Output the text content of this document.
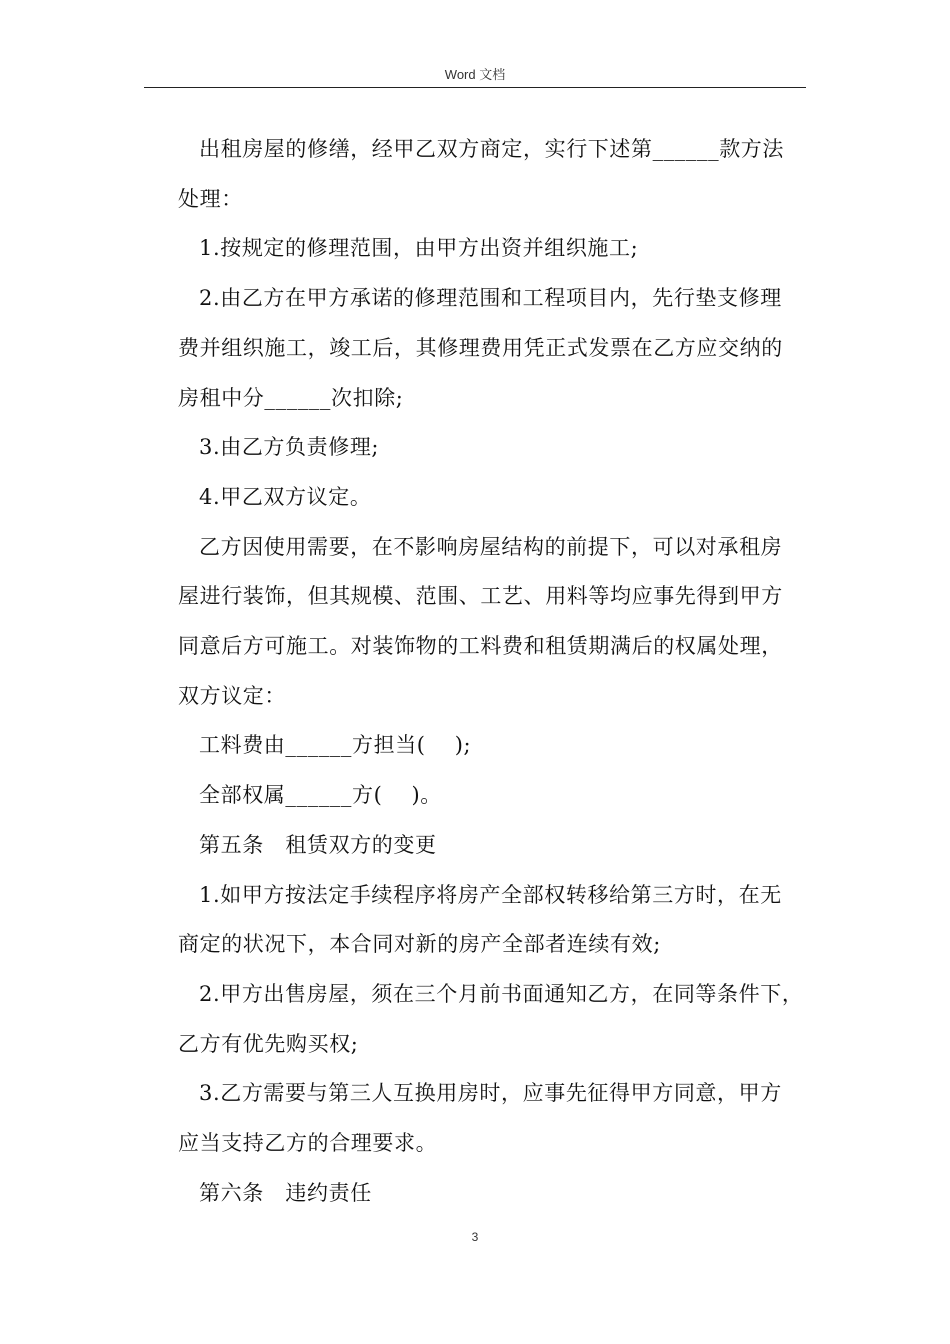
Word 文档

出租房屋的修缮，经甲乙双方商定，实行下述第______款方法

处理：

1.按规定的修理范围，由甲方出资并组织施工;

2.由乙方在甲方承诺的修理范围和工程项目内，先行垫支修理

费并组织施工，竣工后，其修理费用凭正式发票在乙方应交纳的

房租中分______次扣除;

3.由乙方负责修理;

4.甲乙双方议定。

乙方因使用需要，在不影响房屋结构的前提下，可以对承租房

屋进行装饰，但其规模、范围、工艺、用料等均应事先得到甲方

同意后方可施工。对装饰物的工料费和租赁期满后的权属处理，

双方议定：

工料费由______方担当(    );

全部权属______方(    )。

第五条　租赁双方的变更

1.如甲方按法定手续程序将房产全部权转移给第三方时，在无

商定的状况下，本合同对新的房产全部者连续有效;

2.甲方出售房屋，须在三个月前书面通知乙方，在同等条件下，

乙方有优先购买权;

3.乙方需要与第三人互换用房时，应事先征得甲方同意，甲方

应当支持乙方的合理要求。

第六条　违约责任

3
